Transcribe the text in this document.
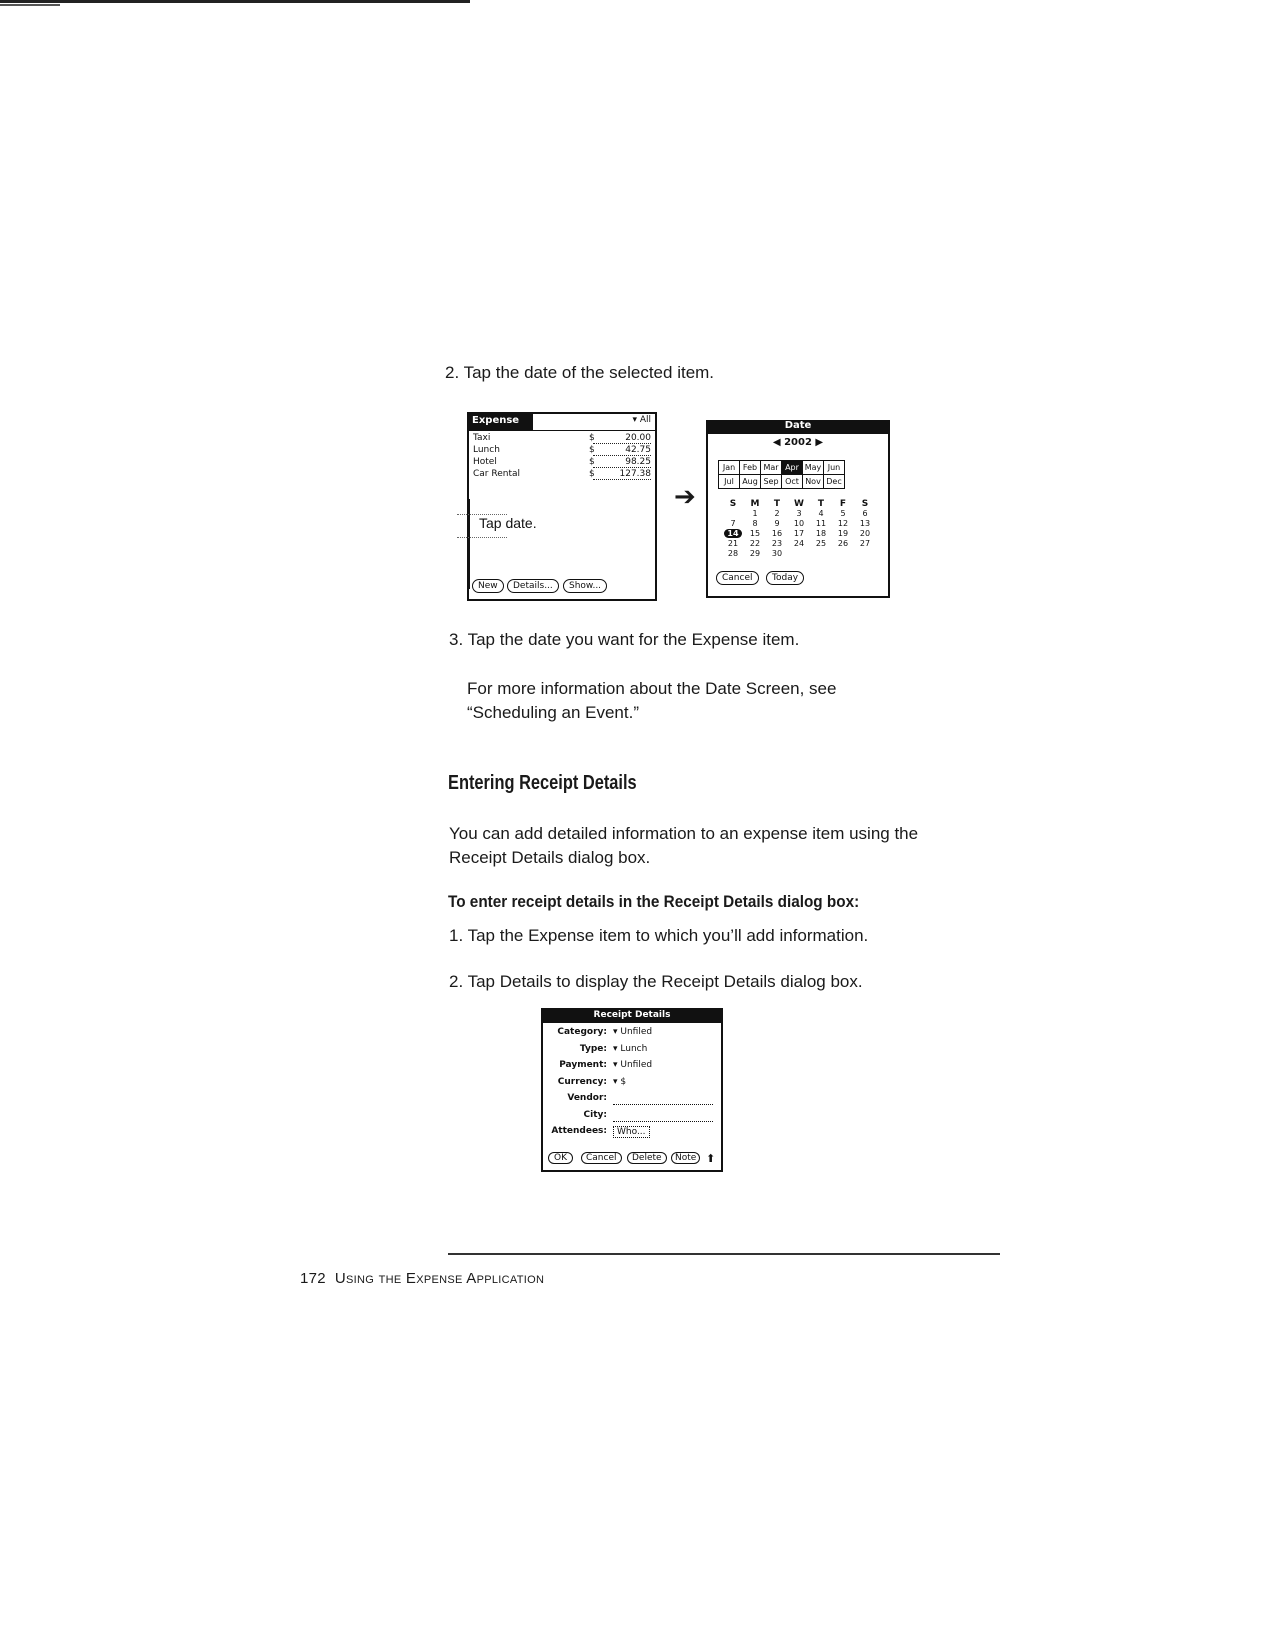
2. Tap the date of the selected item.
Expense	▾ All
Taxi	$	20.00
Lunch	$	42.75
Hotel	$	98.25
Car Rental	$	127.38
Tap date.
New	Details...	Show...
➔
Date
◀ 2002 ▶
Jan	Feb	Mar	Apr	May	Jun
Jul	Aug	Sep	Oct	Nov	Dec
S	M	T	W	T	F	S
	1	2	3	4	5	6
7	8	9	10	11	12	13
14	15	16	17	18	19	20
21	22	23	24	25	26	27
28	29	30				
Cancel	Today
3. Tap the date you want for the Expense item.
For more information about the Date Screen, see “Scheduling an Event.”
Entering Receipt Details
You can add detailed information to an expense item using the Receipt Details dialog box.
To enter receipt details in the Receipt Details dialog box:
1. Tap the Expense item to which you’ll add information.
2. Tap Details to display the Receipt Details dialog box.
Receipt Details
Category: ▾ Unfiled
Type: ▾ Lunch
Payment: ▾ Unfiled
Currency: ▾ $
Vendor:
City:
Attendees:	Who...
OK	Cancel	Delete	Note ⬆
172 Using the Expense Application
